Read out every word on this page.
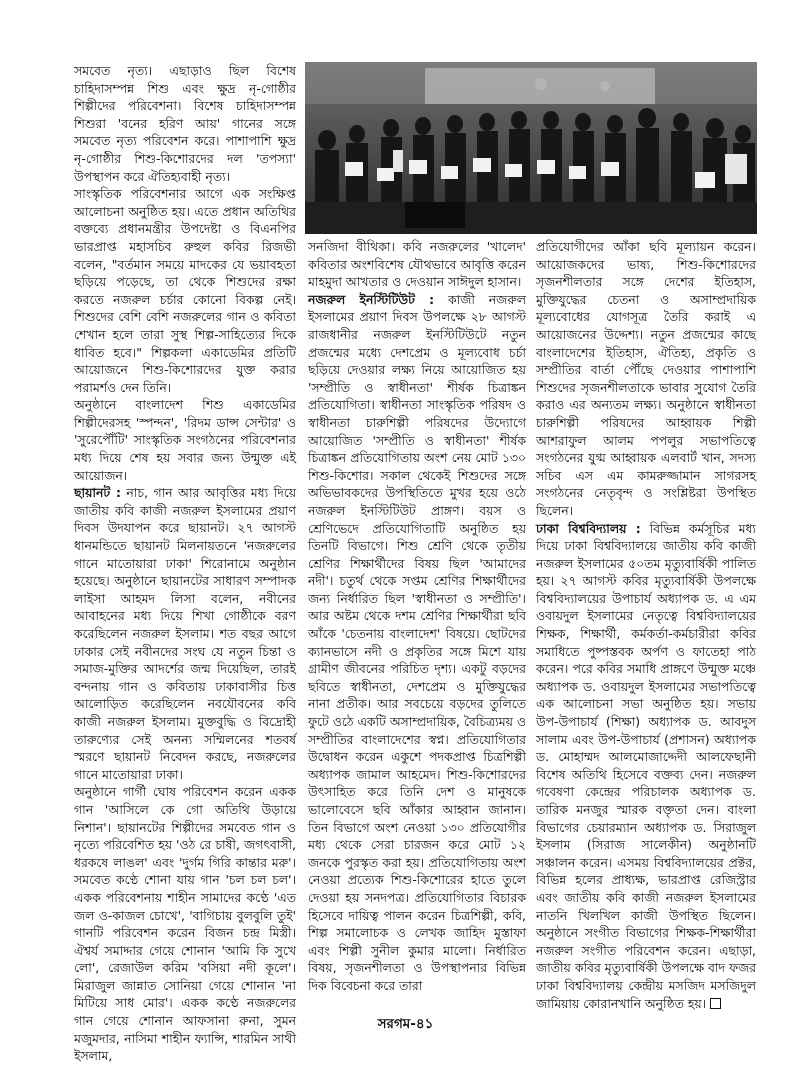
সমবেত নৃত্য। এছাড়াও ছিল বিশেষ চাহিদাসম্পন্ন শিশু এবং ক্ষুদ্র নৃ-গোষ্ঠীর শিল্পীদের পরিবেশনা। বিশেষ চাহিদাসম্পন্ন শিশুরা 'বনের হরিণ আয়' গানের সঙ্গে সমবেত নৃত্য পরিবেশন করে। পাশাপাশি ক্ষুদ্র নৃ-গোষ্ঠীর শিশু-কিশোরদের দল 'তপস্যা' উপস্থাপন করে ঐতিহ্যবাহী নৃত্য।

সাংস্কৃতিক পরিবেশনার আগে এক সংক্ষিপ্ত আলোচনা অনুষ্ঠিত হয়। এতে প্রধান অতিথির বক্তব্যে প্রধানমন্ত্রীর উপদেষ্টা ও বিএনপির ভারপ্রাপ্ত মহাসচিব রুহুল কবির রিজভী বলেন, "বর্তমান সময়ে মাদকের যে ভয়াবহতা ছড়িয়ে পড়েছে, তা থেকে শিশুদের রক্ষা করতে নজরুল চর্চার কোনো বিকল্প নেই। শিশুদের বেশি বেশি নজরুলের গান ও কবিতা শেখান হলে তারা সুস্থ শিল্প-সাহিত্যের দিকে ধাবিত হবে।" শিল্পকলা একাডেমির প্রতিটি আয়োজনে শিশু-কিশোরদের যুক্ত করার পরামর্শও দেন তিনি।

অনুষ্ঠানে বাংলাদেশ শিশু একাডেমির শিল্পীদেরসহ 'স্পন্দন', 'রিদম ডান্স সেন্টার' ও 'সুরেপৌঁটি' সাংস্কৃতিক সংগঠনের পরিবেশনার মধ্য দিয়ে শেষ হয় সবার জন্য উন্মুক্ত এই আয়োজন।

ছায়ানট : নাচ, গান আর আবৃত্তির মধ্য দিয়ে জাতীয় কবি কাজী নজরুল ইসলামের প্রয়াণ দিবস উদযাপন করে ছায়ানট। ২৭ আগস্ট ধানমন্ডিতে ছায়ানট মিলনায়তনে 'নজরুলের গানে মাতোয়ারা ঢাকা' শিরোনামে অনুষ্ঠান হয়েছে। অনুষ্ঠানে ছায়ানটের সাধারণ সম্পাদক লাইসা আহমদ লিসা বলেন, নবীনের আবাহনের মধ্য দিয়ে শিখা গোষ্ঠীকে বরণ করেছিলেন নজরুল ইসলাম। শত বছর আগে ঢাকার সেই নবীনদের সংঘ যে নতুন চিন্তা ও সমাজ-মুক্তির আদর্শের জন্ম দিয়েছিল, তারই বন্দনায় গান ও কবিতায় ঢাকাবাসীর চিত্ত আলোড়িত করেছিলেন নবযৌবনের কবি কাজী নজরুল ইসলাম। মুক্তবুদ্ধি ও বিদ্রোহী তারুণ্যের সেই অনন্য সম্মিলনের শতবর্ষ স্মরণে ছায়ানট নিবেদন করছে, নজরুলের গানে মাতোয়ারা ঢাকা।

অনুষ্ঠানে গার্গী ঘোষ পরিবেশন করেন একক গান 'আসিলে কে গো অতিথি উড়ায়ে নিশান'। ছায়ানটের শিল্পীদের সমবেত গান ও নৃত্যে পরিবেশিত হয় 'ওঠ রে চাষী, জগৎবাসী, ধরকষে লাঙল' এবং 'দুর্গম গিরি কান্তার মরু'। সমবেত কণ্ঠে শোনা যায় গান 'চল চল চল'। একক পরিবেশনায় শাহীন সামাদের কণ্ঠে 'এত জল ও-কাজল চোখে', 'বাগিচায় বুলবুলি তুই' গানটি পরিবেশন করেন বিজন চন্দ্র মিস্ত্রী। ঐশ্বর্য সমাদ্দার গেয়ে শোনান 'আমি কি সুখে লো', রেজাউল করিম 'বসিয়া নদী কূলে'। মিরাজুল জান্নাত সোনিয়া গেয়ে শোনান 'না মিটিয়ে সাধ মোর'। একক কণ্ঠে নজরুলের গান গেয়ে শোনান আফসানা রুনা, সুমন মজুমদার, নাসিমা শাহীন ফ্যান্সি, শারমিন সাথী ইসলাম,

সনজিদা বীথিকা। কবি নজরুলের 'খালেদ' কবিতার অংশবিশেষ যৌথভাবে আবৃত্তি করেন মাহমুদা আখতার ও দেওয়ান সাঈদুল হাসান।

নজরুল ইনস্টিটিউট : কাজী নজরুল ইসলামের প্রয়াণ দিবস উপলক্ষে ২৮ আগস্ট রাজধানীর নজরুল ইনস্টিটিউটে নতুন প্রজন্মের মধ্যে দেশপ্রেম ও মূল্যবোধ চর্চা ছড়িয়ে দেওয়ার লক্ষ্য নিয়ে আয়োজিত হয় 'সম্প্রীতি ও স্বাধীনতা' শীর্ষক চিত্রাঙ্কন প্রতিযোগিতা। স্বাধীনতা সাংস্কৃতিক পরিষদ ও স্বাধীনতা চারুশিল্পী পরিষদের উদ্যোগে আয়োজিত 'সম্প্রীতি ও স্বাধীনতা' শীর্ষক চিত্রাঙ্কন প্রতিযোগিতায় অংশ নেয় মোট ১৩০ শিশু-কিশোর। সকাল থেকেই শিশুদের সঙ্গে অভিভাবকদের উপস্থিতিতে মুখর হয়ে ওঠে নজরুল ইনস্টিটিউট প্রাঙ্গণ। বয়স ও শ্রেণিভেদে প্রতিযোগিতাটি অনুষ্ঠিত হয় তিনটি বিভাগে। শিশু শ্রেণি থেকে তৃতীয় শ্রেণির শিক্ষার্থীদের বিষয় ছিল 'আমাদের নদী'। চতুর্থ থেকে সপ্তম শ্রেণির শিক্ষার্থীদের জন্য নির্ধারিত ছিল 'স্বাধীনতা ও সম্প্রীতি'। আর অষ্টম থেকে দশম শ্রেণির শিক্ষার্থীরা ছবি আঁকে 'চেতনায় বাংলাদেশ' বিষয়ে। ছোটদের ক্যানভাসে নদী ও প্রকৃতির সঙ্গে মিশে যায় গ্রামীণ জীবনের পরিচিত দৃশ্য। একটু বড়দের ছবিতে স্বাধীনতা, দেশপ্রেম ও মুক্তিযুদ্ধের নানা প্রতীক। আর সবচেয়ে বড়দের তুলিতে ফুটে ওঠে একটি অসাম্প্রদায়িক, বৈচিত্র্যময় ও সম্প্রীতির বাংলাদেশের স্বপ্ন। প্রতিযোগিতার উদ্বোধন করেন একুশে পদকপ্রাপ্ত চিত্রশিল্পী অধ্যাপক জামাল আহমেদ। শিশু-কিশোরদের উৎসাহিত করে তিনি দেশ ও মানুষকে ভালোবেসে ছবি আঁকার আহ্বান জানান। তিন বিভাগে অংশ নেওয়া ১৩০ প্রতিযোগীর মধ্য থেকে সেরা চারজন করে মোট ১২ জনকে পুরস্কৃত করা হয়। প্রতিযোগিতায় অংশ নেওয়া প্রত্যেক শিশু-কিশোরের হাতে তুলে দেওয়া হয় সনদপত্র। প্রতিযোগিতার বিচারক হিসেবে দায়িত্ব পালন করেন চিত্রশিল্পী, কবি, শিল্প সমালোচক ও লেখক জাহিদ মুস্তাফা এবং শিল্পী সুনীল কুমার মালো। নির্ধারিত বিষয়, সৃজনশীলতা ও উপস্থাপনার বিভিন্ন দিক বিবেচনা করে তারা

প্রতিযোগীদের আঁকা ছবি মূল্যায়ন করেন। আয়োজকদের ভাষ্য, শিশু-কিশোরদের সৃজনশীলতার সঙ্গে দেশের ইতিহাস, মুক্তিযুদ্ধের চেতনা ও অসাম্প্রদায়িক মূল্যবোধের যোগসূত্র তৈরি করাই এ আয়োজনের উদ্দেশ্য। নতুন প্রজন্মের কাছে বাংলাদেশের ইতিহাস, ঐতিহ্য, প্রকৃতি ও সম্প্রীতির বার্তা পৌঁছে দেওয়ার পাশাপাশি শিশুদের সৃজনশীলতাকে ভাবার সুযোগ তৈরি করাও এর অন্যতম লক্ষ্য। অনুষ্ঠানে স্বাধীনতা চারুশিল্পী পরিষদের আহ্বায়ক শিল্পী আশরাফুল আলম পপলুর সভাপতিত্বে সংগঠনের যুগ্ম আহ্বায়ক এলবার্ট খান, সদস্য সচিব এস এম কামরুজ্জামান সাগরসহ সংগঠনের নেতৃবৃন্দ ও সংশ্লিষ্টরা উপস্থিত ছিলেন।

ঢাকা বিশ্ববিদ্যালয় : বিভিন্ন কর্মসূচির মধ্য দিয়ে ঢাকা বিশ্ববিদ্যালয়ে জাতীয় কবি কাজী নজরুল ইসলামের ৫০তম মৃত্যুবার্ষিকী পালিত হয়। ২৭ আগস্ট কবির মৃত্যুবার্ষিকী উপলক্ষে বিশ্ববিদ্যালয়ের উপাচার্য অধ্যাপক ড. এ এম ওবায়দুল ইসলামের নেতৃত্বে বিশ্ববিদ্যালয়ের শিক্ষক, শিক্ষার্থী, কর্মকর্তা-কর্মচারীরা কবির সমাধিতে পুষ্পস্তবক অর্পণ ও ফাতেহা পাঠ করেন। পরে কবির সমাধি প্রাঙ্গণে উন্মুক্ত মঞ্চে অধ্যাপক ড. ওবায়দুল ইসলামের সভাপতিত্বে এক আলোচনা সভা অনুষ্ঠিত হয়। সভায় উপ-উপাচার্য (শিক্ষা) অধ্যাপক ড. আবদুস সালাম এবং উপ-উপাচার্য (প্রশাসন) অধ্যাপক ড. মোহাম্মদ আলমোজাদ্দেদী আলফেছানী বিশেষ অতিথি হিসেবে বক্তব্য দেন। নজরুল গবেষণা কেন্দ্রের পরিচালক অধ্যাপক ড. তারিক মনজুর স্মারক বক্তৃতা দেন। বাংলা বিভাগের চেয়ারম্যান অধ্যাপক ড. সিরাজুল ইসলাম (সিরাজ সালেকীন) অনুষ্ঠানটি সঞ্চালন করেন। এসময় বিশ্ববিদ্যালয়ের প্রক্টর, বিভিন্ন হলের প্রাধ্যক্ষ, ভারপ্রাপ্ত রেজিস্ট্রার এবং জাতীয় কবি কাজী নজরুল ইসলামের নাতনি খিলখিল কাজী উপস্থিত ছিলেন। অনুষ্ঠানে সংগীত বিভাগের শিক্ষক-শিক্ষার্থীরা নজরুল সংগীত পরিবেশন করেন। এছাড়া, জাতীয় কবির মৃত্যুবার্ষিকী উপলক্ষে বাদ ফজর ঢাকা বিশ্ববিদ্যালয় কেন্দ্রীয় মসজিদ মসজিদুল জামিয়ায় কোরানখানি অনুষ্ঠিত হয়।

সরগম-৪১
